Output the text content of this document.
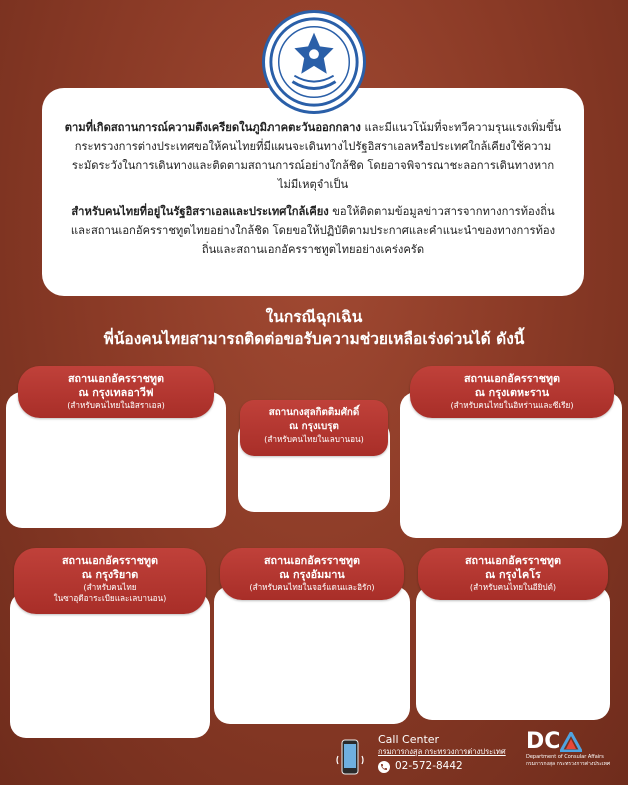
ตามที่เกิดสถานการณ์ความตึงเครียดในภูมิภาคตะวันออกกลาง และมีแนวโน้มที่จะทวีความรุนแรงเพิ่มขึ้น กระทรวงการต่างประเทศขอให้คนไทยที่มีแผนจะเดินทางไปรัฐอิสราเอลหรือประเทศใกล้เคียงใช้ความระมัดระวังในการเดินทางและติดตามสถานการณ์อย่างใกล้ชิด โดยอาจพิจารณาชะลอการเดินทางหากไม่มีเหตุจำเป็น

สำหรับคนไทยที่อยู่ในรัฐอิสราเอลและประเทศใกล้เคียง ขอให้ติดตามข้อมูลข่าวสารจากทางการท้องถิ่นและสถานเอกอัครราชทูตไทยอย่างใกล้ชิด โดยขอให้ปฏิบัติตามประกาศและคำแนะนำของทางการท้องถิ่นและสถานเอกอัครราชทูตไทยอย่างเคร่งครัด

ในกรณีฉุกเฉิน
พี่น้องคนไทยสามารถติดต่อขอรับความช่วยเหลือเร่งด่วนได้ ดังนี้
สถานเอกอัครราชทูต
ณ กรุงเทลอาวีฟ
(สำหรับคนไทยในอิสราเอล)
สถานกงสุลกิตติมศักดิ์
ณ กรุงเบรุต
(สำหรับคนไทยในเลบานอน)
สถานเอกอัครราชทูต
ณ กรุงเตหะราน
(สำหรับคนไทยในอิหร่านและซีเรีย)
สถานเอกอัครราชทูต
ณ กรุงริยาด
(สำหรับคนไทย
ในซาอุดีอาระเบียและเลบานอน)
สถานเอกอัครราชทูต
ณ กรุงอัมมาน
(สำหรับคนไทยในจอร์แดนและอิรัก)
สถานเอกอัครราชทูต
ณ กรุงไคโร
(สำหรับคนไทยในอียิปต์)
Call Center
กรมการกงสุล กระทรวงการต่างประเทศ
02-572-8442
DC
Department of Consular Affairs
กรมการกงสุล กระทรวงการต่างประเทศ
